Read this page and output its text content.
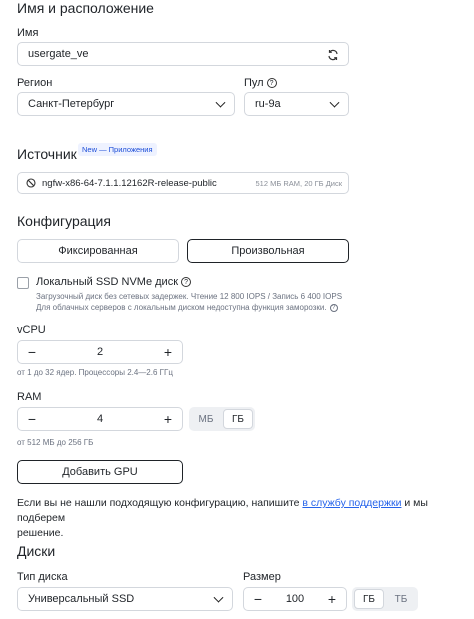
Имя и расположение
Имя
usergate_ve
Регион
Санкт-Петербург
Пул ?
ru-9a
Источник New — Приложения
ngfw-x86-64-7.1.1.12162R-release-public	512 МБ RAM, 20 ГБ Диск
Конфигурация
Фиксированная	Произвольная
Локальный SSD NVMe диск ?
Загрузочный диск без сетевых задержек. Чтение 12 800 IOPS / Запись 6 400 IOPS
Для облачных серверов с локальным диском недоступна функция заморозки. ?
vCPU
−	2	+
от 1 до 32 ядер. Процессоры 2.4—2.6 ГГц
RAM
−	4	+	МБ	ГБ
от 512 МБ до 256 ГБ
Добавить GPU
Если вы не нашли подходящую конфигурацию, напишите в службу поддержки и мы подберем
решение.
Диски
Тип диска
Универсальный SSD
Размер
−	100	+	ГБ	ТБ
